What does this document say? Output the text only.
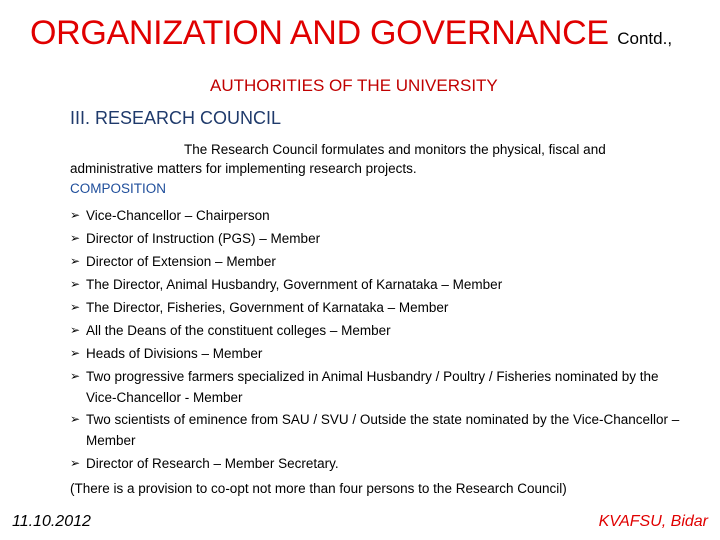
ORGANIZATION AND GOVERNANCE Contd.,
AUTHORITIES OF THE UNIVERSITY
III. RESEARCH COUNCIL
The Research Council formulates and monitors the physical, fiscal and administrative matters for implementing research projects.
COMPOSITION
➢ Vice-Chancellor – Chairperson
➢ Director of Instruction (PGS) – Member
➢ Director of Extension – Member
➢ The Director, Animal Husbandry, Government of Karnataka – Member
➢ The Director, Fisheries, Government of Karnataka – Member
➢ All the Deans of the constituent colleges – Member
➢ Heads of Divisions – Member
➢ Two progressive farmers specialized in Animal Husbandry / Poultry / Fisheries nominated by the Vice-Chancellor - Member
➢ Two scientists of eminence from SAU / SVU / Outside the state nominated by the Vice-Chancellor – Member
➢ Director of Research – Member Secretary.
(There is a provision to co-opt not more than four persons to the Research Council)
11.10.2012	KVAFSU, Bidar
